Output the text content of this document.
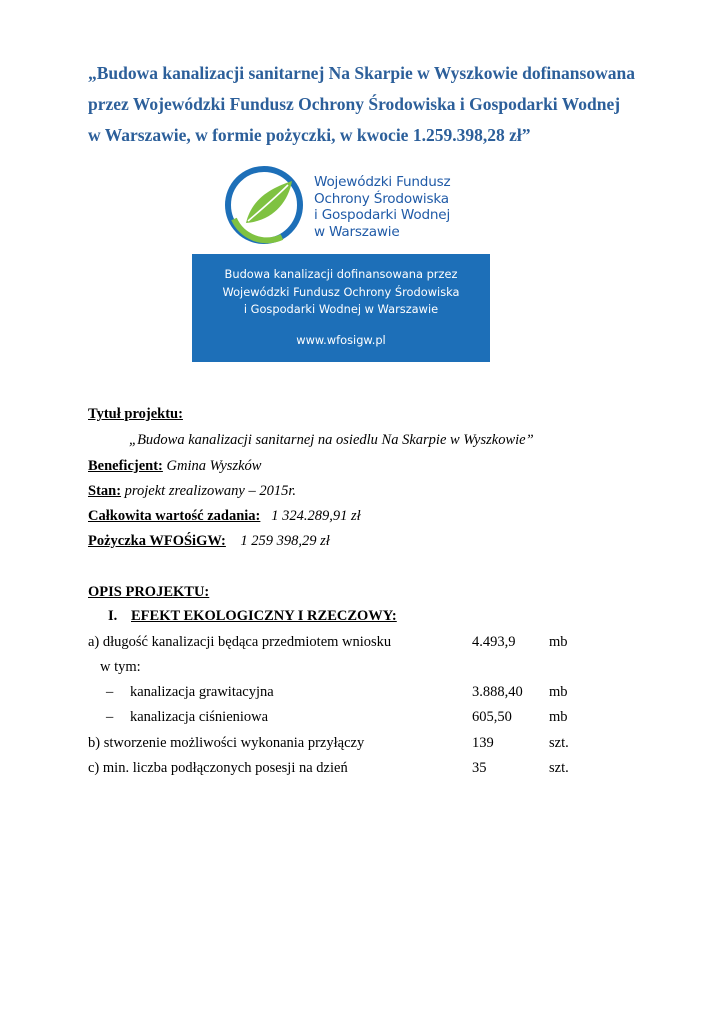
„Budowa kanalizacji sanitarnej Na Skarpie w Wyszkowie dofinansowana
przez Wojewódzki Fundusz Ochrony Środowiska i Gospodarki Wodnej
w Warszawie, w formie pożyczki, w kwocie 1.259.398,28 zł”
Wojewódzki Fundusz
Ochrony Środowiska
i Gospodarki Wodnej
w Warszawie
Budowa kanalizacji dofinansowana przez
Wojewódzki Fundusz Ochrony Środowiska
i Gospodarki Wodnej w Warszawie
www.wfosigw.pl
Tytuł projektu:
„Budowa kanalizacji sanitarnej na osiedlu Na Skarpie w Wyszkowie”
Beneficjent: Gmina Wyszków
Stan: projekt zrealizowany – 2015r.
Całkowita wartość zadania: 1 324.289,91 zł
Pożyczka WFOŚiGW: 1 259 398,29 zł
OPIS PROJEKTU:
I. EFEKT EKOLOGICZNY I RZECZOWY:
a) długość kanalizacji będąca przedmiotem wniosku	4.493,9 mb
w tym:
– kanalizacja grawitacyjna	3.888,40 mb
– kanalizacja ciśnieniowa	605,50	mb
b) stworzenie możliwości wykonania przyłączy	139	szt.
c) min. liczba podłączonych posesji na dzień	35	szt.
